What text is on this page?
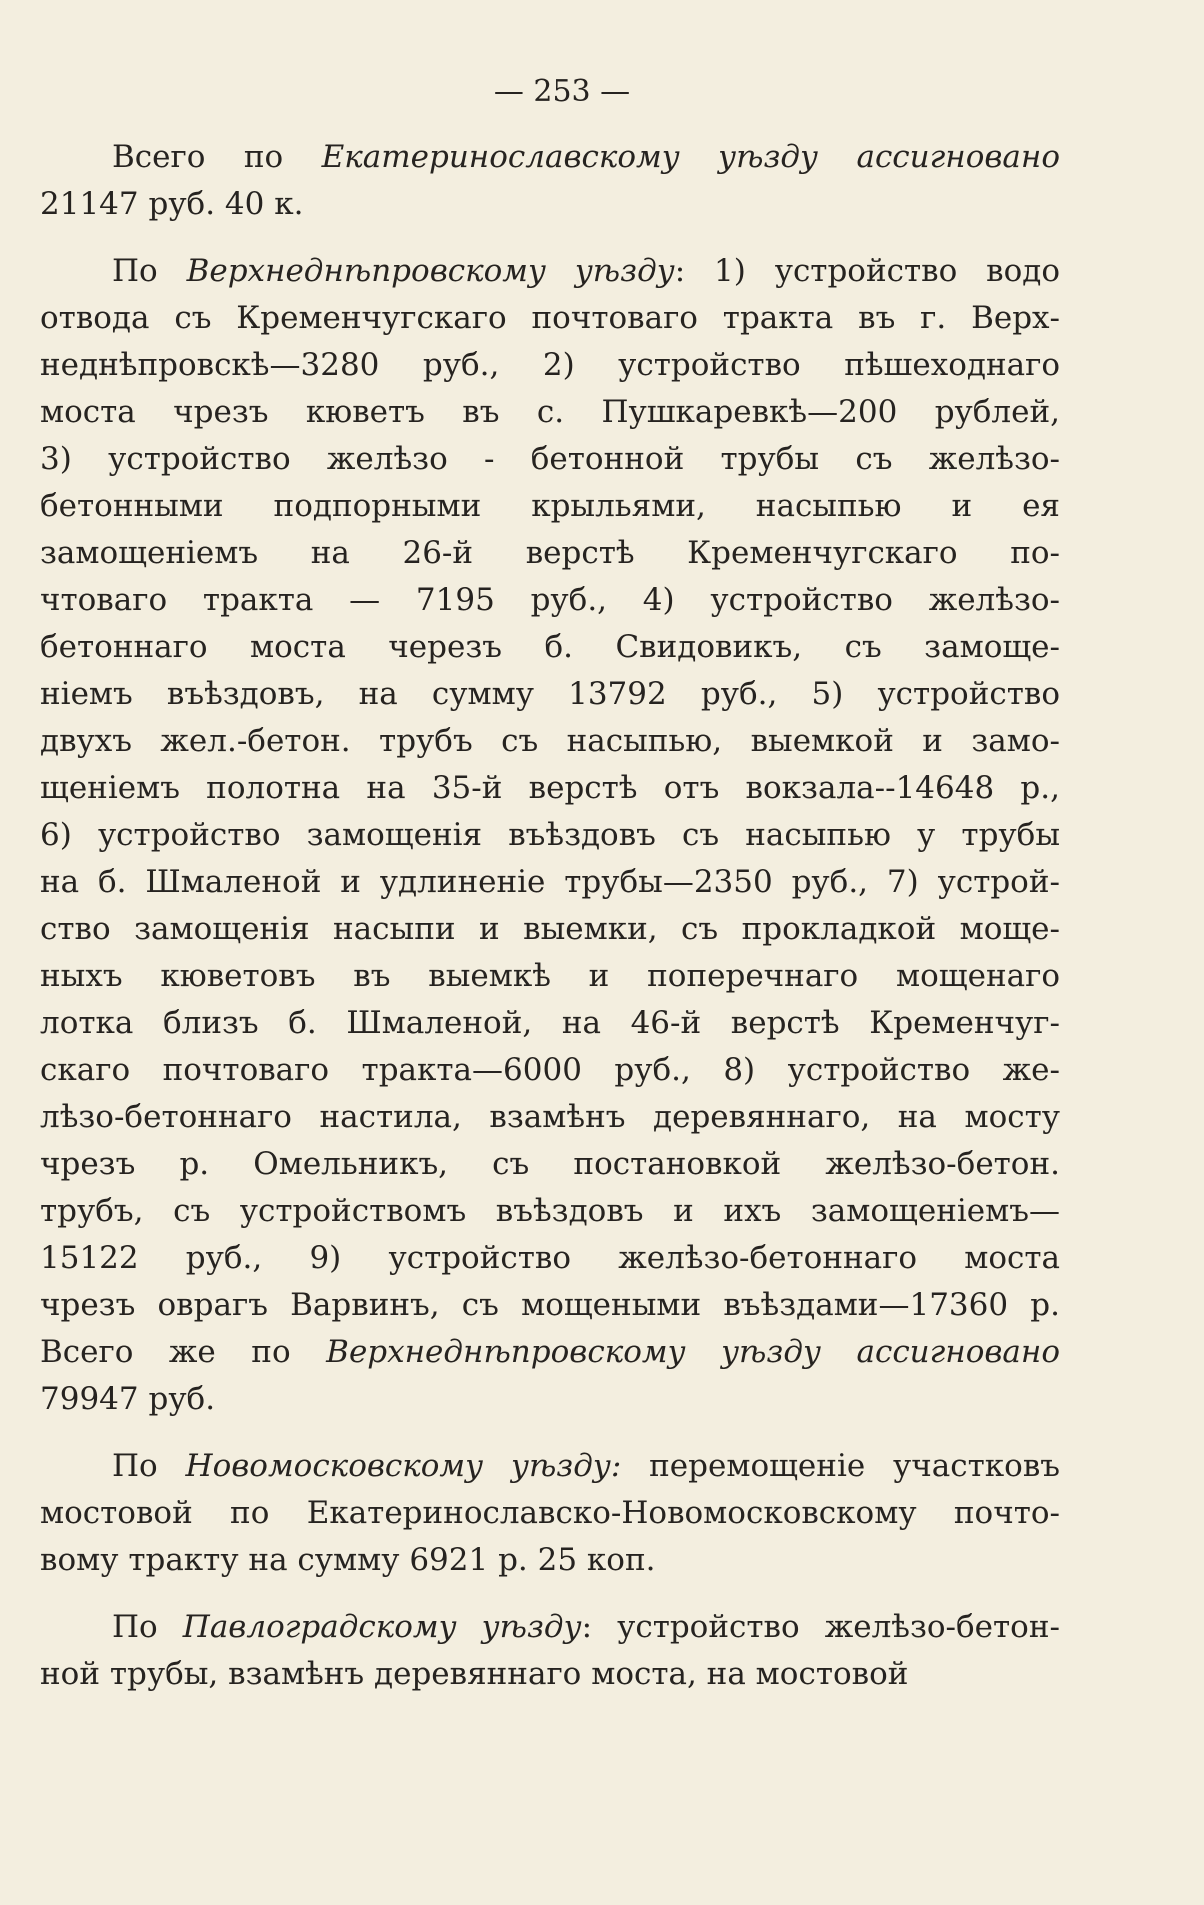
— 253 —
Всего по Екатеринославскому уѣзду ассигновано
21147 руб. 40 к.
По Верхнеднѣпровскому уѣзду: 1) устройство водо
отвода съ Кременчугскаго почтоваго тракта въ г. Верх-
неднѣпровскѣ—3280 руб., 2) устройство пѣшеходнаго
моста чрезъ кюветъ въ с. Пушкаревкѣ—200 рублей,
3) устройство желѣзо - бетонной трубы съ желѣзо-
бетонными подпорными крыльями, насыпью и ея
замощеніемъ на 26-й верстѣ Кременчугскаго по-
чтоваго тракта — 7195 руб., 4) устройство желѣзо-
бетоннаго моста черезъ б. Свидовикъ, съ замоще-
ніемъ въѣздовъ, на сумму 13792 руб., 5) устройство
двухъ жел.-бетон. трубъ съ насыпью, выемкой и замо-
щеніемъ полотна на 35-й верстѣ отъ вокзала--14648 р.,
6) устройство замощенія въѣздовъ съ насыпью у трубы
на б. Шмаленой и удлиненіе трубы—2350 руб., 7) устрой-
ство замощенія насыпи и выемки, съ прокладкой моще-
ныхъ кюветовъ въ выемкѣ и поперечнаго мощенаго
лотка близъ б. Шмаленой, на 46-й верстѣ Кременчуг-
скаго почтоваго тракта—6000 руб., 8) устройство же-
лѣзо-бетоннаго настила, взамѣнъ деревяннаго, на мосту
чрезъ р. Омельникъ, съ постановкой желѣзо-бетон.
трубъ, съ устройствомъ въѣздовъ и ихъ замощеніемъ—
15122 руб., 9) устройство желѣзо-бетоннаго моста
чрезъ оврагъ Варвинъ, съ мощеными въѣздами—17360 р.
Всего же по Верхнеднѣпровскому уѣзду ассигновано
79947 руб.
По Новомосковскому уѣзду: перемощеніе участковъ
мостовой по Екатеринославско-Новомосковскому почто-
вому тракту на сумму 6921 р. 25 коп.
По Павлоградскому уѣзду: устройство желѣзо-бетон-
ной трубы, взамѣнъ деревяннаго моста, на мостовой
